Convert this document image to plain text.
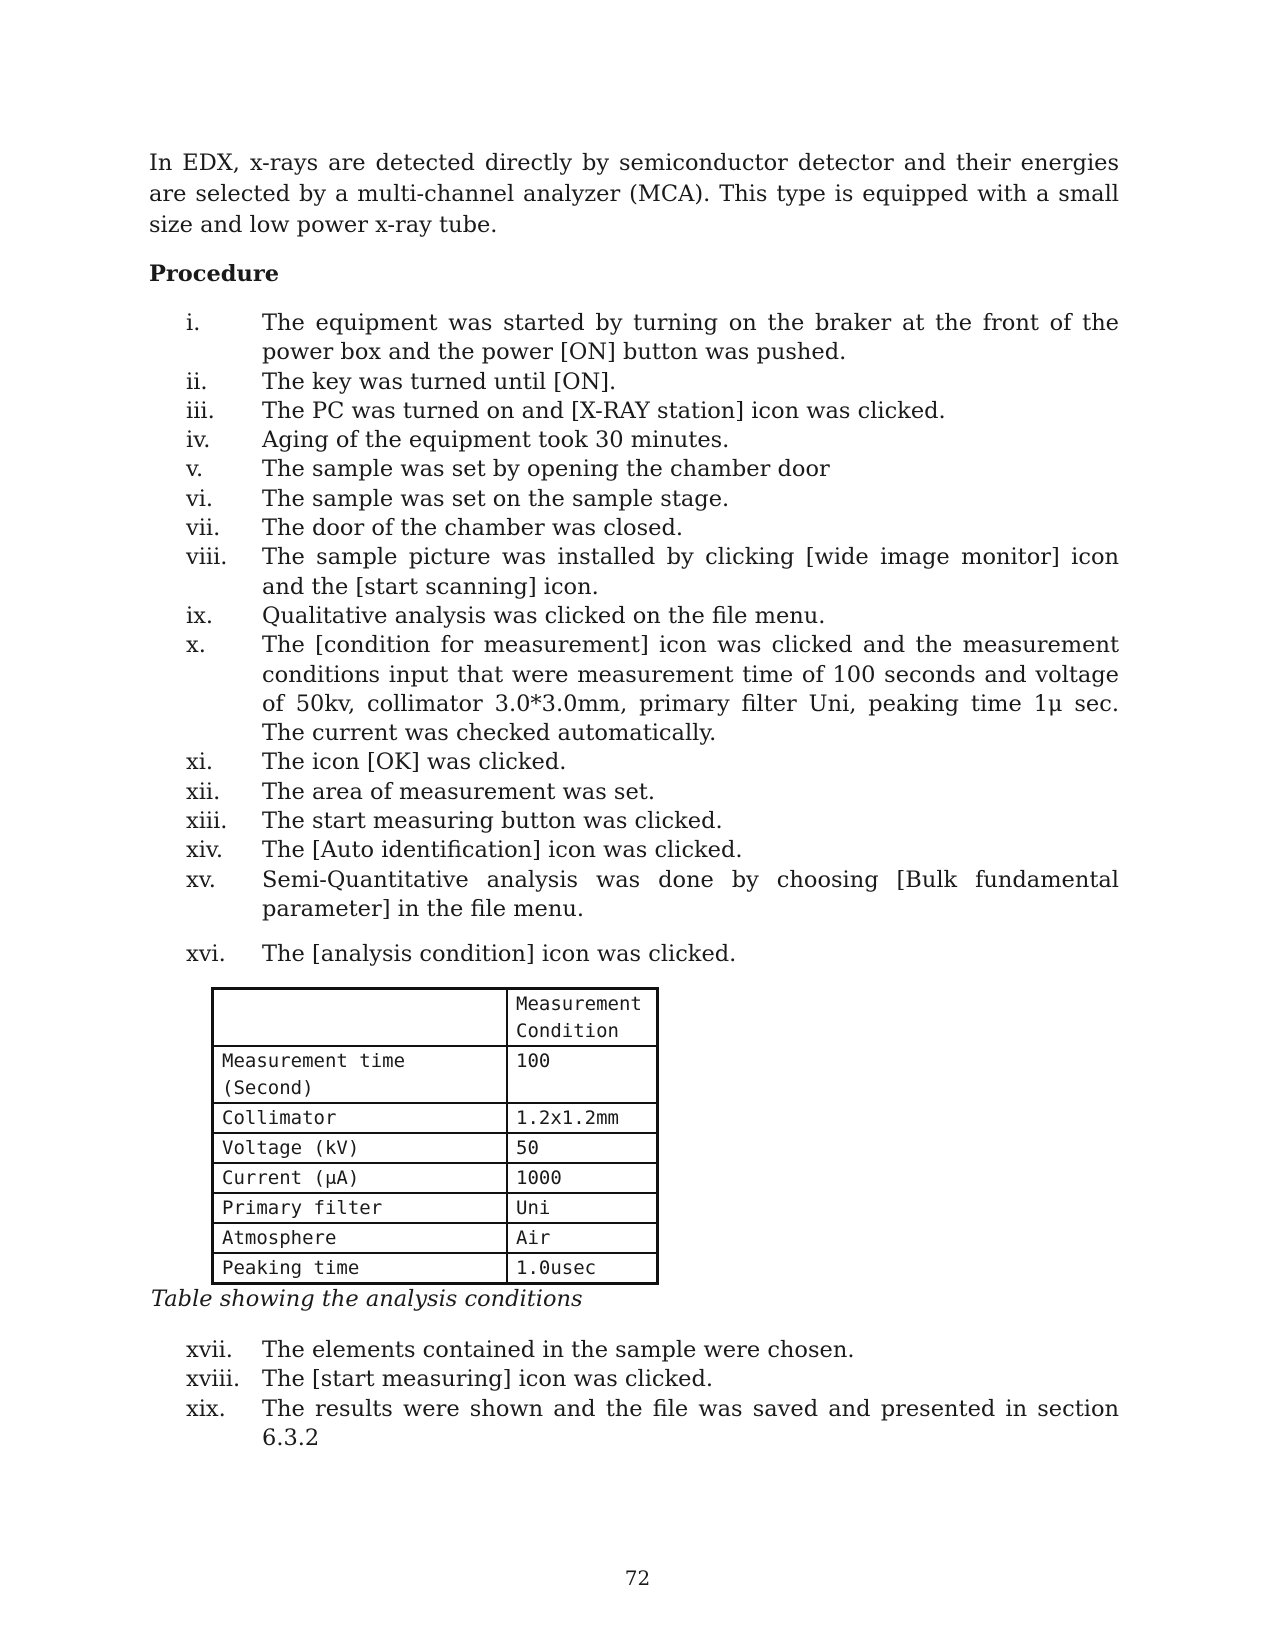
In EDX, x-rays are detected directly by semiconductor detector and their energies are selected by a multi-channel analyzer (MCA). This type is equipped with a small size and low power x-ray tube.

Procedure

i.	The equipment was started by turning on the braker at the front of the power box and the power [ON] button was pushed.
ii. The key was turned until [ON].
iii. The PC was turned on and [X-RAY station] icon was clicked.
iv. Aging of the equipment took 30 minutes.
v.	The sample was set by opening the chamber door
vi. The sample was set on the sample stage.
vii. The door of the chamber was closed.
viii. The sample picture was installed by clicking [wide image monitor] icon and the [start scanning] icon.
ix. Qualitative analysis was clicked on the file menu.
x. The [condition for measurement] icon was clicked and the measurement conditions input that were measurement time of 100 seconds and voltage of 50kv, collimator 3.0*3.0mm, primary filter Uni, peaking time 1μ sec. The current was checked automatically.
xi. The icon [OK] was clicked.
xii. The area of measurement was set.
xiii. The start measuring button was clicked.
xiv. The [Auto identification] icon was clicked.
xv. Semi-Quantitative analysis was done by choosing [Bulk fundamental parameter] in the file menu.
xvi. The [analysis condition] icon was clicked.
	Measurement Condition
Measurement time (Second)	100
Collimator	1.2x1.2mm
Voltage (kV)	50
Current (μA)	1000
Primary filter	Uni
Atmosphere	Air
Peaking time	1.0usec

Table showing the analysis conditions

xvii. The elements contained in the sample were chosen.
xviii. The [start measuring] icon was clicked.
xix. The results were shown and the file was saved and presented in section 6.3.2

72
